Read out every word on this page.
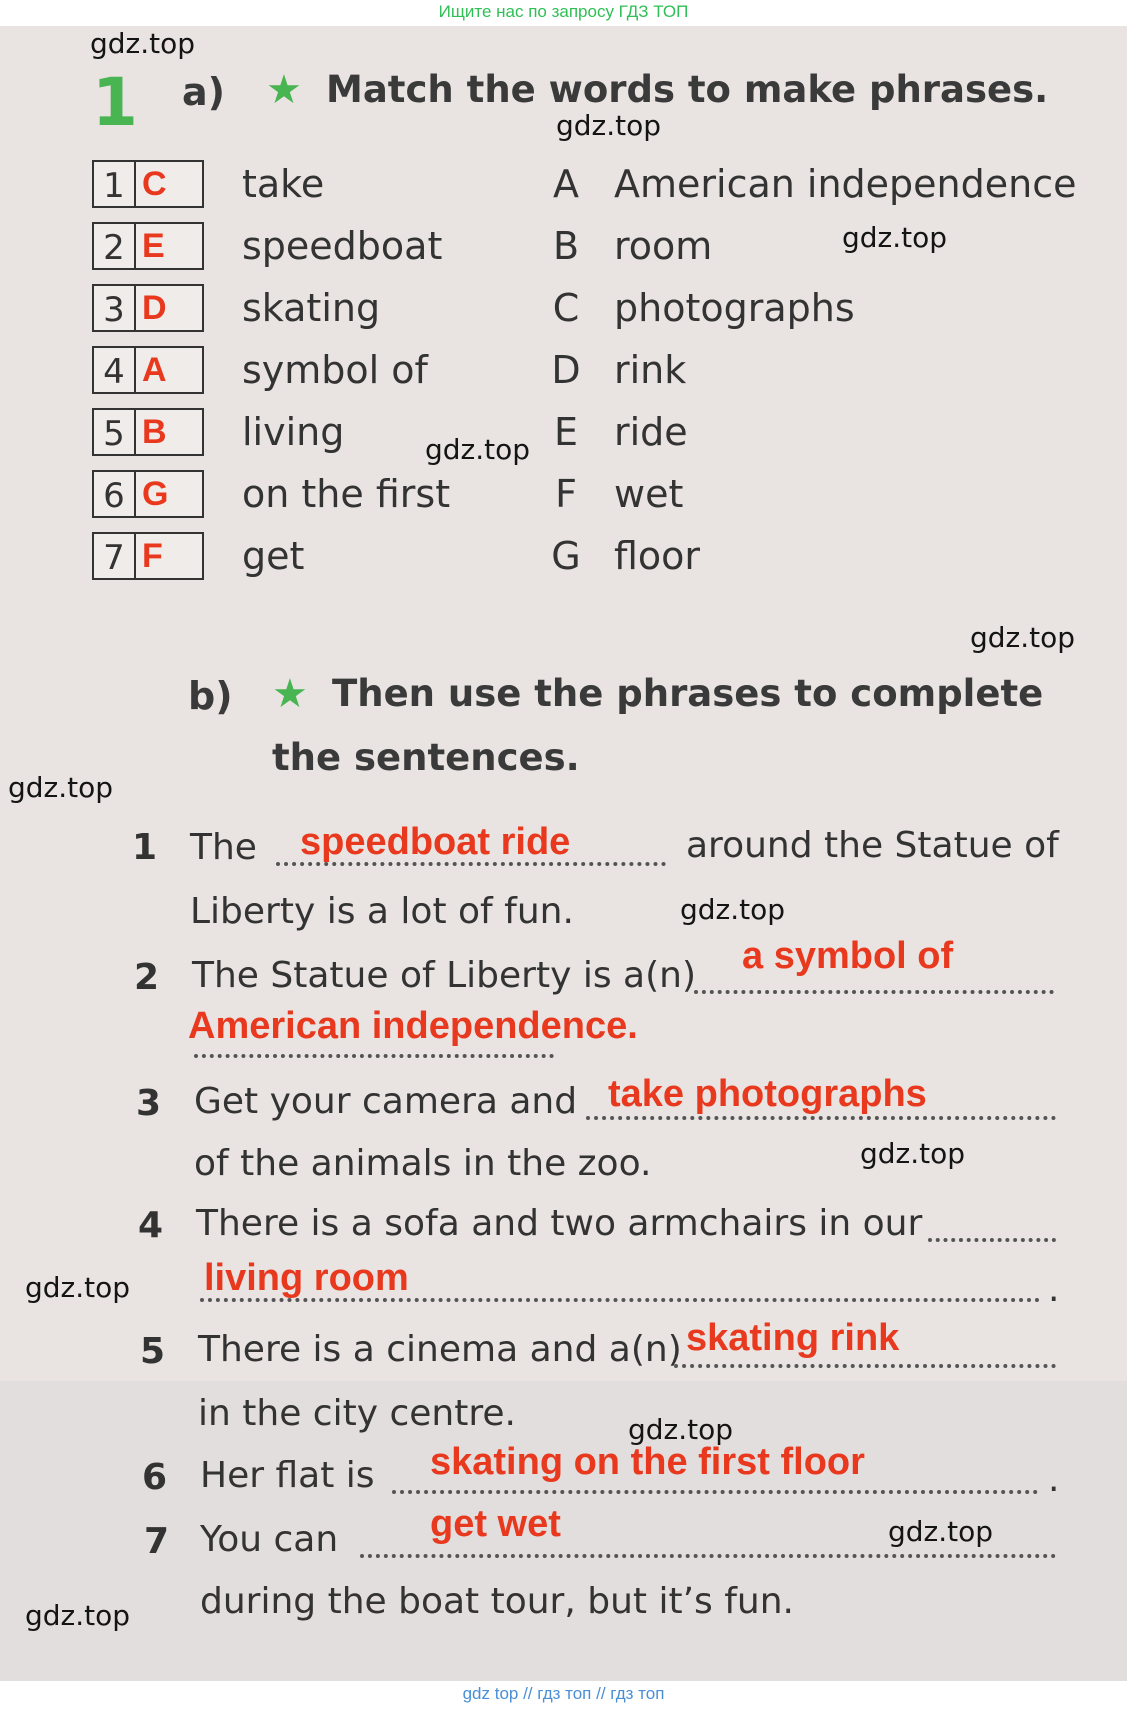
Ищите нас по запросу ГДЗ ТОП
gdz.top
gdz.top
gdz.top
gdz.top
gdz.top
gdz.top
gdz.top
gdz.top
gdz.top
gdz.top
gdz.top
gdz.top
1 a) ★ Match the words to make phrases.
1 C	take	A American independence
2 E	speedboat	B room
3 D	skating	C photographs
4 A	symbol of	D rink
5 B	living	E ride
6 G	on the first	F wet
7 F	get	G floor
b) ★ Then use the phrases to complete
the sentences.
1 The speedboat ride	around the Statue of
Liberty is a lot of fun.
2 The Statue of Liberty is a(n) a symbol of
American independence.
3 Get your camera and take photographs
of the animals in the zoo.
4 There is a sofa and two armchairs in our
living room	.
5 There is a cinema and a(n) skating rink
in the city centre.
6 Her flat is skating on the first floor	.
7 You can get wet
during the boat tour, but it’s fun.
gdz top // гдз топ // гдз топ
